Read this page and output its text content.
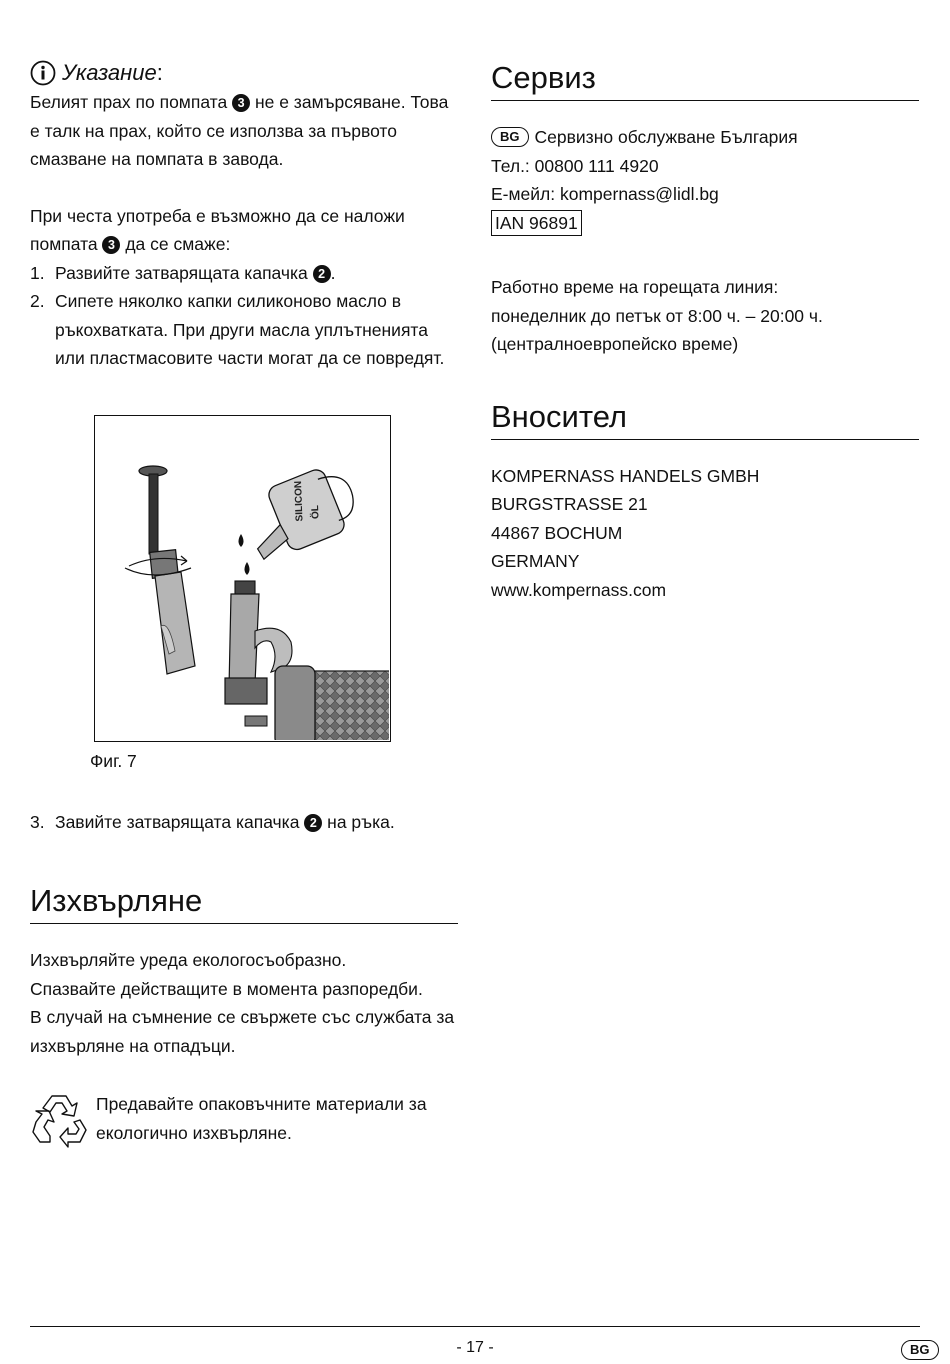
Указание :

Белият прах по помпата 3 не е замърсяване. Това е талк на прах, който се използва за първото смазване на помпата в завода.

При честа употреба е възможно да се наложи помпата 3 да се смаже:

1. Развийте затварящата капачка 2 .
2. Сипете няколко капки силиконово масло в ръкохватката. При други масла уплътненията или пластмасовите части могат да се повредят.
SILICON ÖL
Фиг. 7
3. Завийте затварящата капачка 2 на ръка.
Изхвърляне

Изхвърляйте уреда екологосъобразно.

Спазвайте действащите в момента разпоредби.

В случай на съмнение се свържете със службата за изхвърляне на отпадъци.

Предавайте опаковъчните материали за екологично изхвърляне.

Сервиз

BG Сервизно обслужване България

Тел.: 00800 111 4920

E-мейл: kompernass@lidl.bg

IAN 96891

Работно време на горещата линия:

понеделник до петък от 8:00 ч. – 20:00 ч.

(централноевропейско време)

Вносител

KOMPERNASS HANDELS GMBH

BURGSTRASSE 21

44867 BOCHUM

GERMANY

www.kompernass.com

- 17 -	BG
